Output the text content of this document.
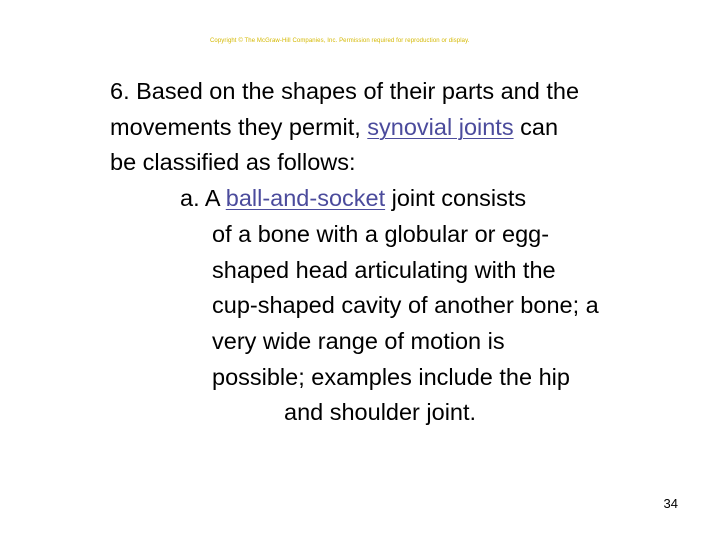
Copyright © The McGraw-Hill Companies, Inc. Permission required for reproduction or display.
6. Based on the shapes of their parts and the
movements they permit, synovial joints can
be classified as follows:
a. A ball-and-socket joint consists
of a bone with a globular or egg-
shaped head articulating with the
cup-shaped cavity of another bone; a
very wide range of motion is
possible; examples include the hip
and shoulder joint.
34
